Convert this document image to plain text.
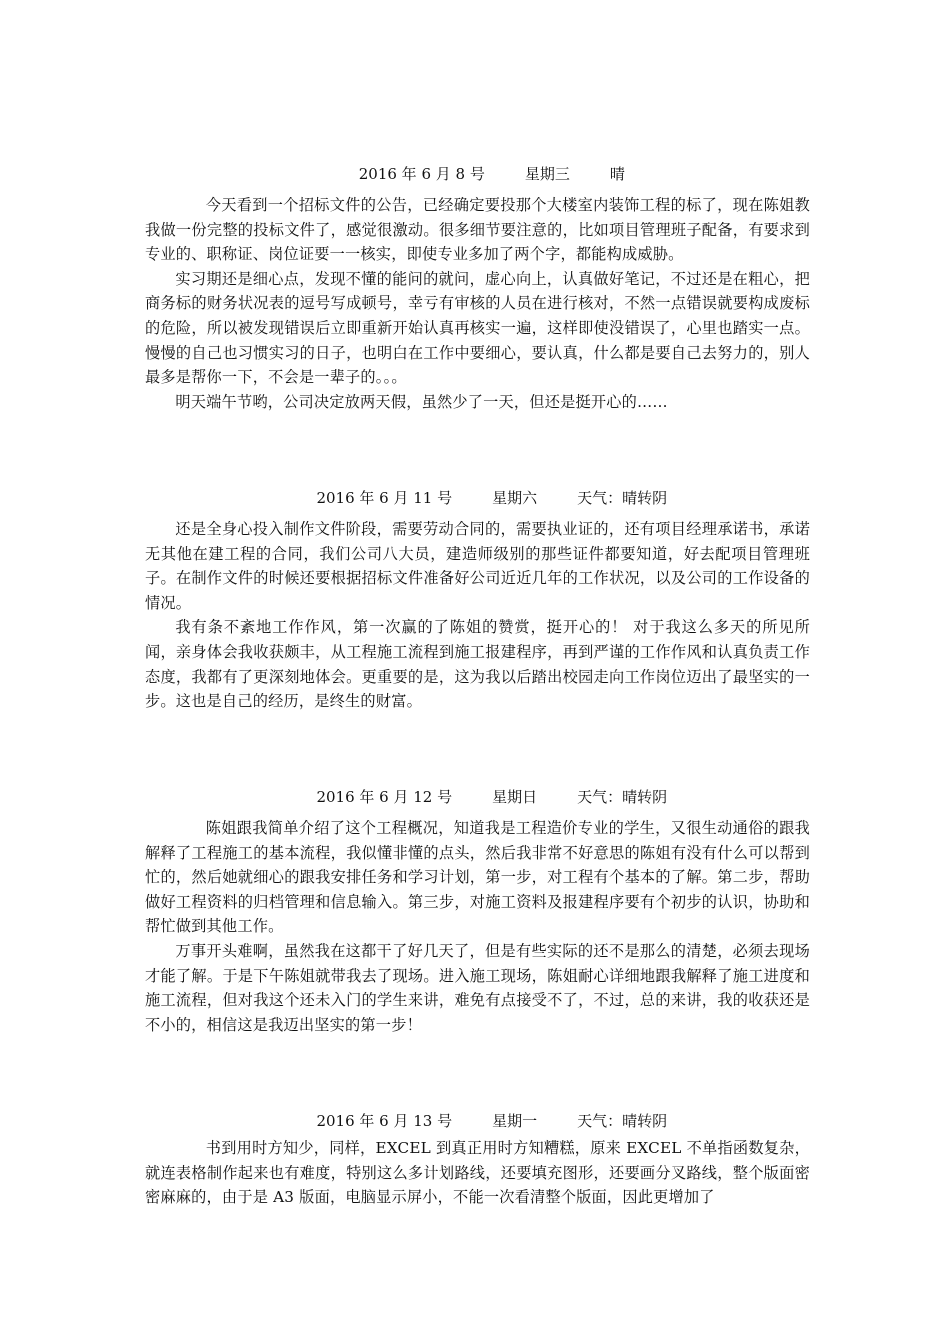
2016 年 6 月 8 号	星期三	晴

今天看到一个招标文件的公告，已经确定要投那个大楼室内装饰工程的标了，现在陈姐教我做一份完整的投标文件了，感觉很激动。很多细节要注意的，比如项目管理班子配备，有要求到专业的、职称证、岗位证要一一核实，即使专业多加了两个字，都能构成威胁。

实习期还是细心点，发现不懂的能问的就问，虚心向上，认真做好笔记，不过还是在粗心，把商务标的财务状况表的逗号写成顿号，幸亏有审核的人员在进行核对，不然一点错误就要构成废标的危险，所以被发现错误后立即重新开始认真再核实一遍，这样即使没错误了，心里也踏实一点。慢慢的自己也习惯实习的日子，也明白在工作中要细心，要认真，什么都是要自己去努力的，别人最多是帮你一下，不会是一辈子的。。。

明天端午节哟，公司决定放两天假，虽然少了一天，但还是挺开心的……

2016 年 6 月 11 号	星期六	天气：晴转阴

还是全身心投入制作文件阶段，需要劳动合同的，需要执业证的，还有项目经理承诺书，承诺无其他在建工程的合同，我们公司八大员，建造师级别的那些证件都要知道，好去配项目管理班子。在制作文件的时候还要根据招标文件准备好公司近近几年的工作状况，以及公司的工作设备的情况。

我有条不紊地工作作风，第一次赢的了陈姐的赞赏，挺开心的！ 对于我这么多天的所见所闻，亲身体会我收获颇丰，从工程施工流程到施工报建程序，再到严谨的工作作风和认真负责工作态度，我都有了更深刻地体会。更重要的是，这为我以后踏出校园走向工作岗位迈出了最坚实的一步。这也是自己的经历，是终生的财富。

2016 年 6 月 12 号	星期日	天气：晴转阴

陈姐跟我简单介绍了这个工程概况，知道我是工程造价专业的学生，又很生动通俗的跟我解释了工程施工的基本流程，我似懂非懂的点头，然后我非常不好意思的陈姐有没有什么可以帮到忙的，然后她就细心的跟我安排任务和学习计划，第一步，对工程有个基本的了解。第二步，帮助做好工程资料的归档管理和信息输入。第三步，对施工资料及报建程序要有个初步的认识，协助和帮忙做到其他工作。

万事开头难啊，虽然我在这都干了好几天了，但是有些实际的还不是那么的清楚，必须去现场才能了解。于是下午陈姐就带我去了现场。进入施工现场，陈姐耐心详细地跟我解释了施工进度和施工流程，但对我这个还未入门的学生来讲，难免有点接受不了，不过，总的来讲，我的收获还是不小的，相信这是我迈出坚实的第一步！

2016 年 6 月 13 号	星期一	天气：晴转阴

书到用时方知少，同样，EXCEL 到真正用时方知糟糕，原来 EXCEL 不单指函数复杂，就连表格制作起来也有难度，特别这么多计划路线，还要填充图形，还要画分叉路线，整个版面密密麻麻的，由于是 A3 版面，电脑显示屏小，不能一次看清整个版面，因此更增加了
